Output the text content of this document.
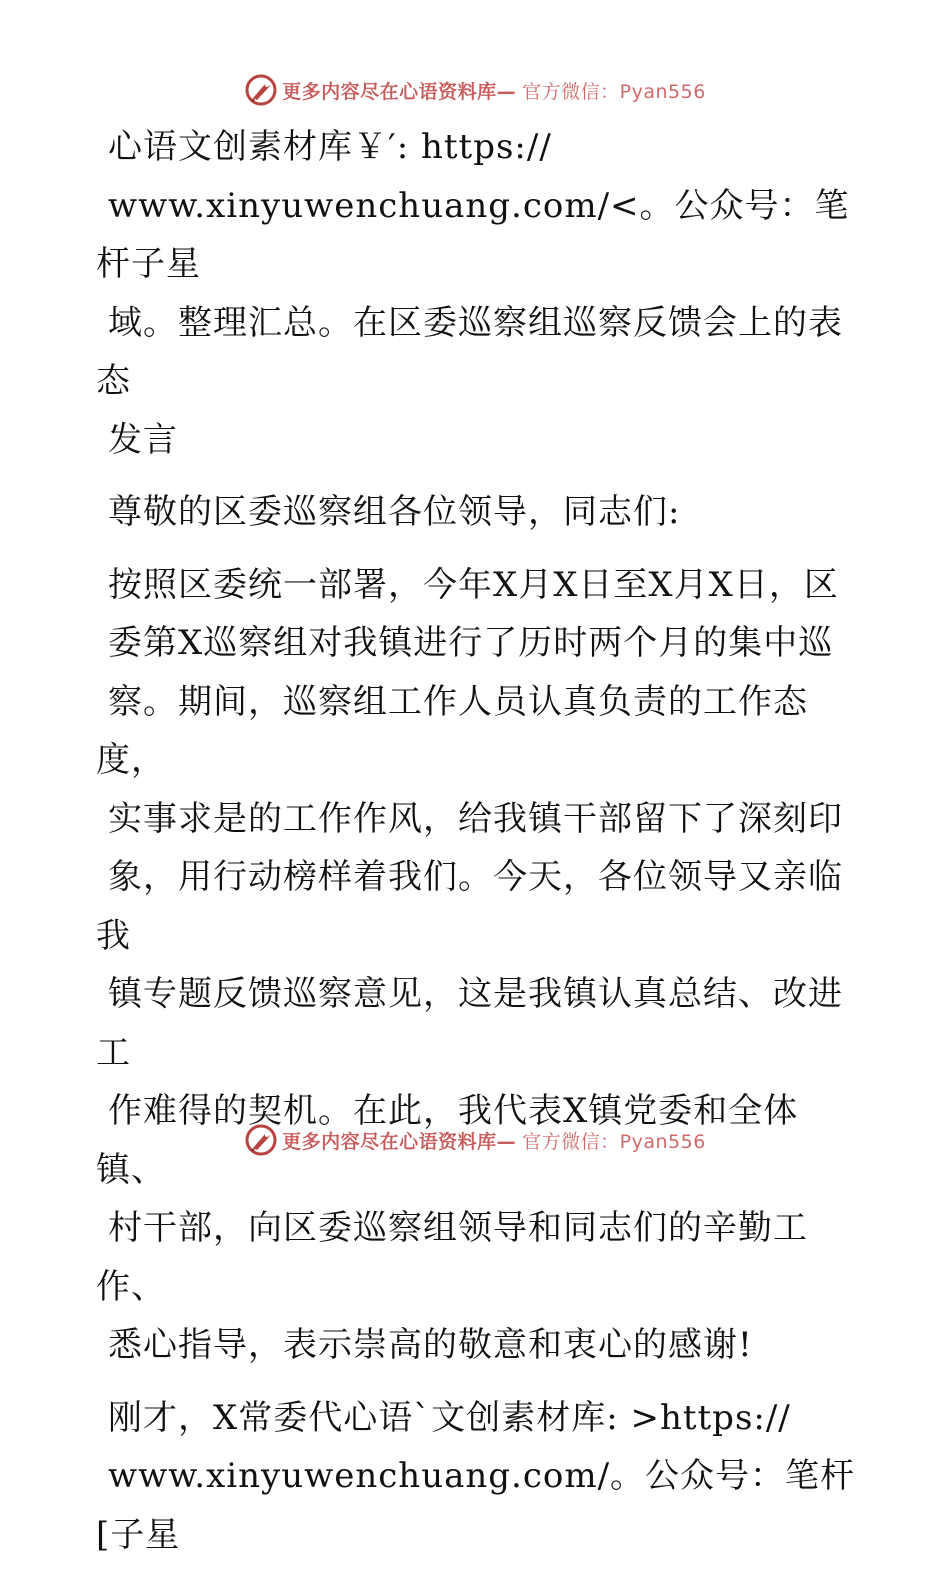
更多内容尽在心语资料库— 官方微信：Pyan556

心语文创素材库￥′: https://
www.xinyuwenchuang.com/<。公众号：笔杆子星
域。整理汇总。在区委巡察组巡察反馈会上的表态
发言

尊敬的区委巡察组各位领导，同志们:

按照区委统一部署，今年X月X日至X月X日，区
委第X巡察组对我镇进行了历时两个月的集中巡
察。期间，巡察组工作人员认真负责的工作态度，
实事求是的工作作风，给我镇干部留下了深刻印
象，用行动榜样着我们。今天，各位领导又亲临我
镇专题反馈巡察意见，这是我镇认真总结、改进工
作难得的契机。在此，我代表X镇党委和全体镇、
村干部，向区委巡察组领导和同志们的辛勤工作、
悉心指导，表示崇高的敬意和衷心的感谢!

刚才，X常委代心语`文创素材库: >https://
www.xinyuwenchuang.com/。公众号：笔杆[子星

更多内容尽在心语资料库— 官方微信：Pyan556
